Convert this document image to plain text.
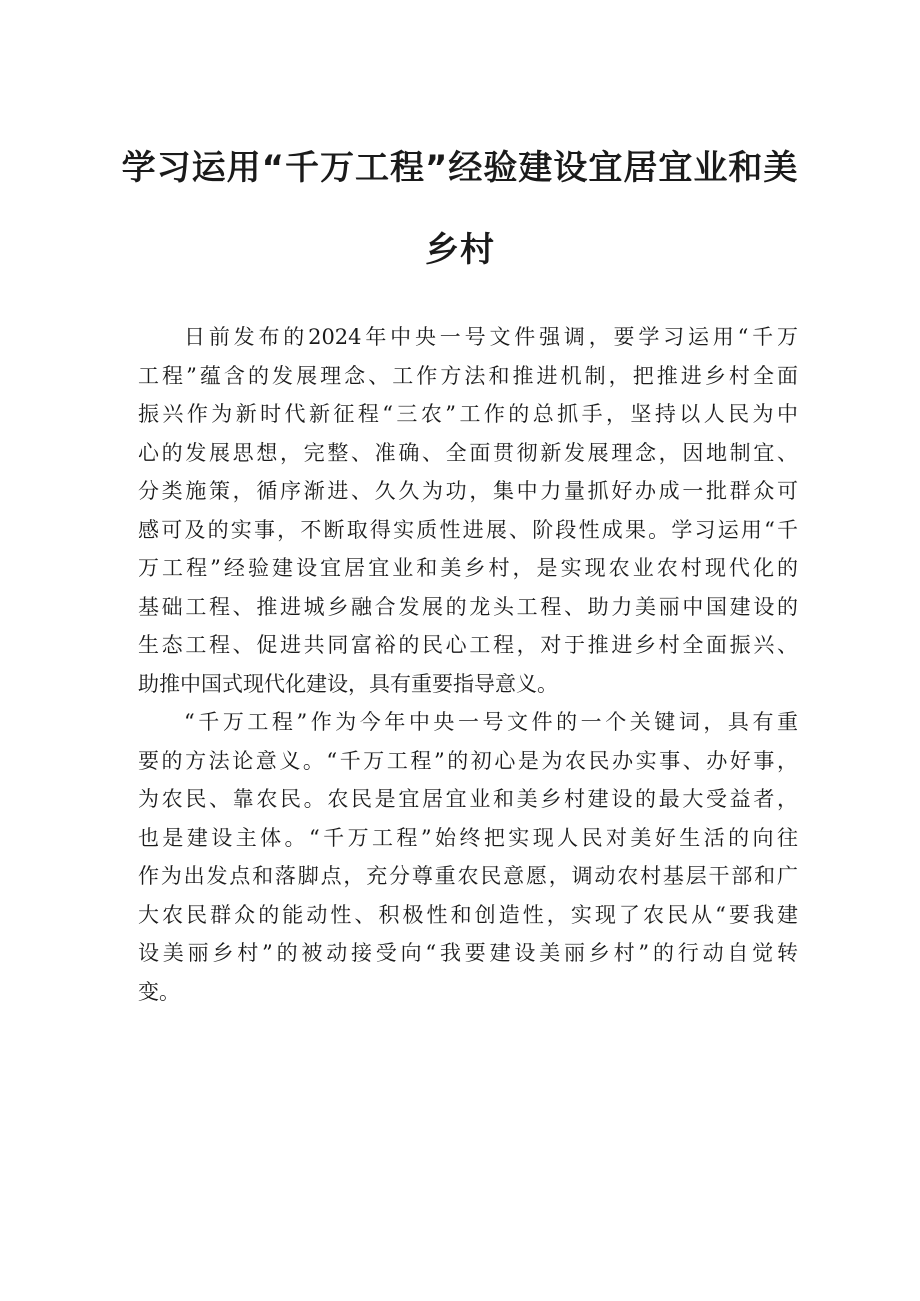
学习运用“千万工程”经验建设宜居宜业和美
乡村
日前发布的2024年中央一号文件强调，要学习运用“千万
工程”蕴含的发展理念、工作方法和推进机制，把推进乡村全面
振兴作为新时代新征程“三农”工作的总抓手，坚持以人民为中
心的发展思想，完整、准确、全面贯彻新发展理念，因地制宜、
分类施策，循序渐进、久久为功，集中力量抓好办成一批群众可
感可及的实事，不断取得实质性进展、阶段性成果。学习运用“千
万工程”经验建设宜居宜业和美乡村，是实现农业农村现代化的
基础工程、推进城乡融合发展的龙头工程、助力美丽中国建设的
生态工程、促进共同富裕的民心工程，对于推进乡村全面振兴、
助推中国式现代化建设，具有重要指导意义。
“千万工程”作为今年中央一号文件的一个关键词，具有重
要的方法论意义。“千万工程”的初心是为农民办实事、办好事，
为农民、靠农民。农民是宜居宜业和美乡村建设的最大受益者，
也是建设主体。“千万工程”始终把实现人民对美好生活的向往
作为出发点和落脚点，充分尊重农民意愿，调动农村基层干部和广
大农民群众的能动性、积极性和创造性，实现了农民从“要我建
设美丽乡村”的被动接受向“我要建设美丽乡村”的行动自觉转
变。
